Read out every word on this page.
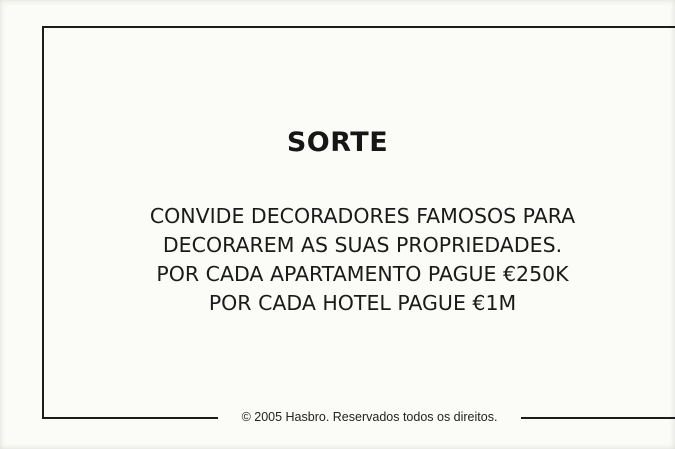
SORTE
CONVIDE DECORADORES FAMOSOS PARA
DECORAREM AS SUAS PROPRIEDADES.
POR CADA APARTAMENTO PAGUE €250K
POR CADA HOTEL PAGUE €1M
© 2005 Hasbro. Reservados todos os direitos.
